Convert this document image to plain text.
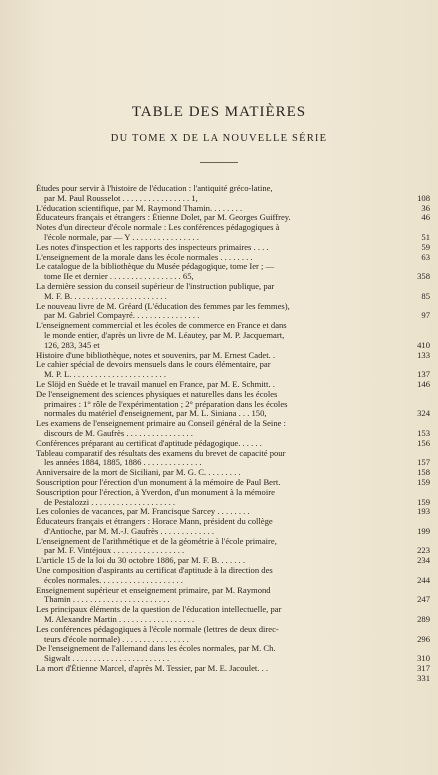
TABLE DES MATIÈRES
DU TOME X DE LA NOUVELLE SÉRIE
Études pour servir à l'histoire de l'éducation : l'antiquité gréco-latine,
par M. Paul Rousselot . . . . . . . . . . . . . . . . 1,	108
L'éducation scientifique, par M. Raymond Thamin. . . . . . . .	36
Éducateurs français et étrangers : Étienne Dolet, par M. Georges Guiffrey.	46
Notes d'un directeur d'école normale : Les conférences pédagogiques à
l'école normale, par — Y . . . . . . . . . . . . . . . .	51
Les notes d'inspection et les rapports des inspecteurs primaires . . . .	59
L'enseignement de la morale dans les école normales . . . . . . . .	63
Le catalogue de la bibliothèque du Musée pédagogique, tome Ier ; —
tome IIe et dernier . . . . . . . . . . . . . . . . . 65,	358
La dernière session du conseil supérieur de l'instruction publique, par
M. F. B. . . . . . . . . . . . . . . . . . . . . . .	85
Le nouveau livre de M. Gréard (L'éducation des femmes par les femmes),
par M. Gabriel Compayré. . . . . . . . . . . . . . . .	97
L'enseignement commercial et les écoles de commerce en France et dans
le monde entier, d'après un livre de M. Léautey, par M. P. Jacquemart,
126, 283, 345 et	410
Histoire d'une bibliothèque, notes et souvenirs, par M. Ernest Cadet. .	133
Le cahier spécial de devoirs mensuels dans le cours élémentaire, par
M. P. L. . . . . . . . . . . . . . . . . . . . . . .	137
Le Slöjd en Suède et le travail manuel en France, par M. E. Schmitt. .	146
De l'enseignement des sciences physiques et naturelles dans les écoles
primaires : 1° rôle de l'expérimentation ; 2° préparation dans les écoles
normales du matériel d'enseignement, par M. L. Siniana . . . 150,	324
Les examens de l'enseignement primaire au Conseil général de la Seine :
discours de M. Gaufrès . . . . . . . . . . . . . . . .	153
Conférences préparant au certificat d'aptitude pédagogique. . . . . .	156
Tableau comparatif des résultats des examens du brevet de capacité pour
les années 1884, 1885, 1886 . . . . . . . . . . . . . .	157
Anniversaire de la mort de Siciliani, par M. G. C. . . . . . . . .	158
Souscription pour l'érection d'un monument à la mémoire de Paul Bert.	159
Souscription pour l'érection, à Yverdon, d'un monument à la mémoire
de Pestalozzi . . . . . . . . . . . . . . . . . . . .	159
Les colonies de vacances, par M. Francisque Sarcey . . . . . . . .	193
Éducateurs français et étrangers : Horace Mann, président du collège
d'Antioche, par M. M.-J. Gaufrès . . . . . . . . . . . . .	199
L'enseignement de l'arithmétique et de la géométrie à l'école primaire,
par M. F. Vintéjoux . . . . . . . . . . . . . . . . .	223
L'article 15 de la loi du 30 octobre 1886, par M. F. B. . . . . . .	234
Une composition d'aspirants au certificat d'aptitude à la direction des
écoles normales. . . . . . . . . . . . . . . . . . . .	244
Enseignement supérieur et enseignement primaire, par M. Raymond
Thamin . . . . . . . . . . . . . . . . . . . . . . .	247
Les principaux éléments de la question de l'éducation intellectuelle, par
M. Alexandre Martin . . . . . . . . . . . . . . . . . .	289
Les conférences pédagogiques à l'école normale (lettres de deux direc-
teurs d'école normale) . . . . . . . . . . . . . . . .	296
De l'enseignement de l'allemand dans les écoles normales, par M. Ch.
Sigwalt . . . . . . . . . . . . . . . . . . . . . . .	310
La mort d'Étienne Marcel, d'après M. Tessier, par M. E. Jacoulet. . .	317
331
